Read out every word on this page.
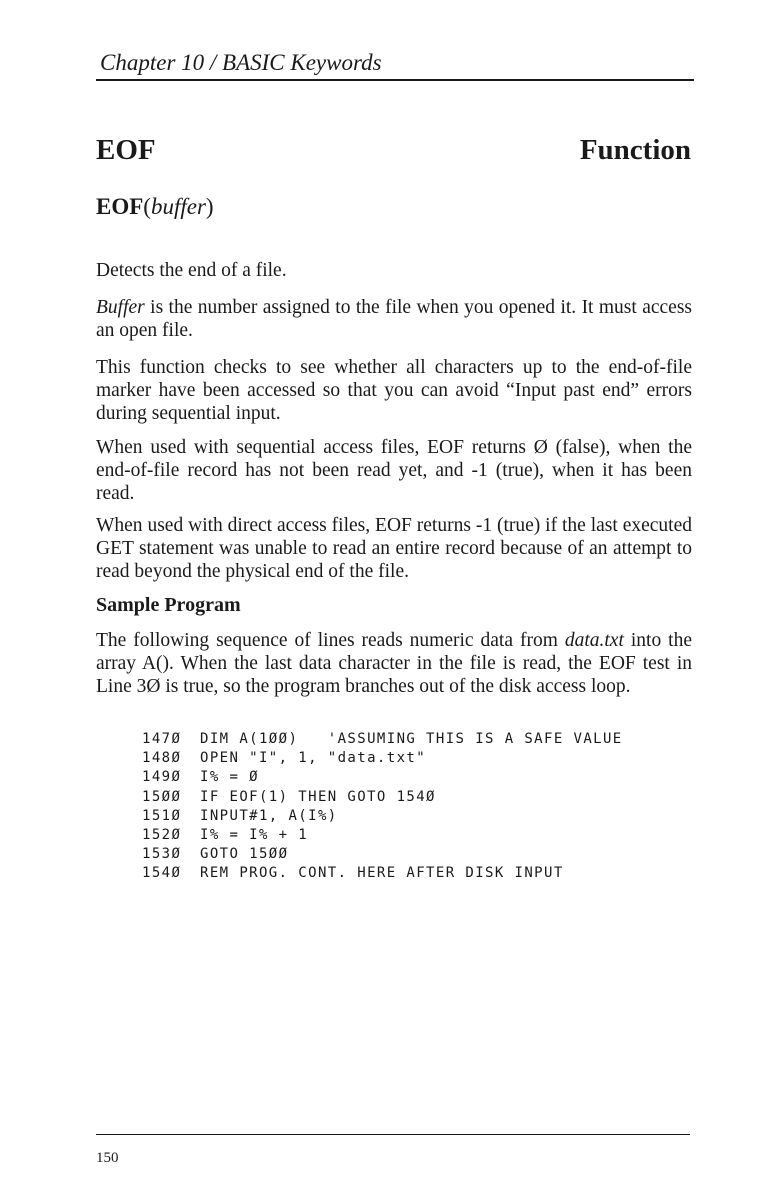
Chapter 10 / BASIC Keywords
EOF	Function
EOF(buffer)

Detects the end of a file.

Buffer is the number assigned to the file when you opened it. It must access an open file.

This function checks to see whether all characters up to the end-of-file marker have been accessed so that you can avoid “Input past end” errors during sequential input.

When used with sequential access files, EOF returns Ø (false), when the end-of-file record has not been read yet, and -1 (true), when it has been read.

When used with direct access files, EOF returns -1 (true) if the last executed GET statement was unable to read an entire record because of an attempt to read beyond the physical end of the file.

Sample Program

The following sequence of lines reads numeric data from data.txt into the array A(). When the last data character in the file is read, the EOF test in Line 3Ø is true, so the program branches out of the disk access loop.

147Ø DIM A(1ØØ)   'ASSUMING THIS IS A SAFE VALUE
148Ø OPEN "I", 1, "data.txt"
149Ø I% = Ø
15ØØ IF EOF(1) THEN GOTO 154Ø
151Ø INPUT#1, A(I%)
152Ø I% = I% + 1
153Ø GOTO 15ØØ
154Ø REM PROG. CONT. HERE AFTER DISK INPUT
150
